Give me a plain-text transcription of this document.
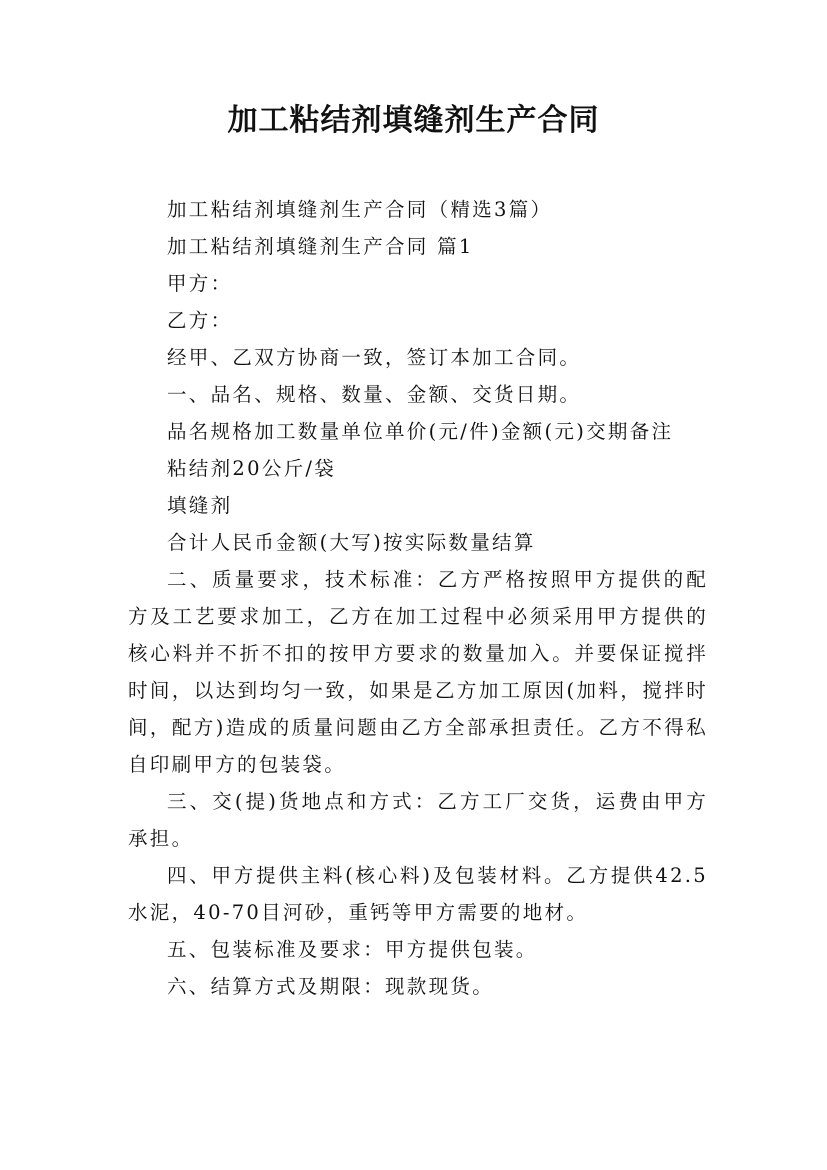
加工粘结剂填缝剂生产合同

加工粘结剂填缝剂生产合同（精选3篇）

加工粘结剂填缝剂生产合同 篇1

甲方：

乙方：

经甲、乙双方协商一致，签订本加工合同。

一、品名、规格、数量、金额、交货日期。

品名规格加工数量单位单价(元/件)金额(元)交期备注

粘结剂20公斤/袋

填缝剂

合计人民币金额(大写)按实际数量结算

二、质量要求，技术标准：乙方严格按照甲方提供的配方及工艺要求加工，乙方在加工过程中必须采用甲方提供的核心料并不折不扣的按甲方要求的数量加入。并要保证搅拌时间，以达到均匀一致，如果是乙方加工原因(加料，搅拌时间，配方)造成的质量问题由乙方全部承担责任。乙方不得私自印刷甲方的包装袋。

三、交(提)货地点和方式：乙方工厂交货，运费由甲方承担。

四、甲方提供主料(核心料)及包装材料。乙方提供42.5水泥，40-70目河砂，重钙等甲方需要的地材。

五、包装标准及要求：甲方提供包装。

六、结算方式及期限：现款现货。
